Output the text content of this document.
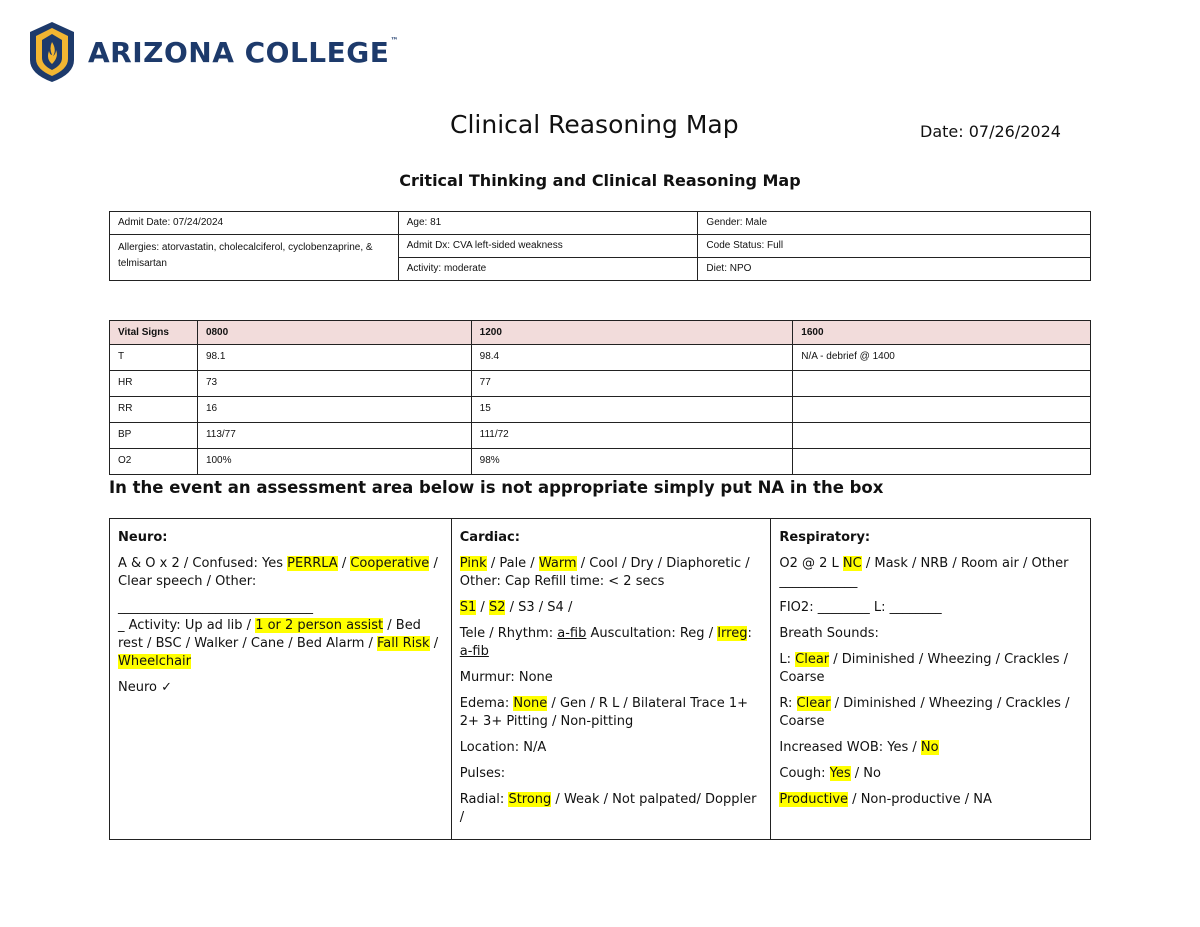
ARIZONA COLLEGE™
Clinical Reasoning Map	Date: 07/26/2024
Critical Thinking and Clinical Reasoning Map
Admit Date: 07/24/2024	Age: 81	Gender: Male
Allergies: atorvastatin, cholecalciferol, cyclobenzaprine, & telmisartan	Admit Dx: CVA left-sided weakness	Code Status: Full
	Activity: moderate	Diet: NPO
Vital Signs	0800	1200	1600
T	98.1	98.4	N/A - debrief @ 1400
HR	73	77	
RR	16	15	
BP	113/77	111/72	
O2	100%	98%	
In the event an assessment area below is not appropriate simply put NA in the box

Neuro:

A & O x 2 / Confused: Yes PERRLA / Cooperative / Clear speech / Other:

______________________________

_ Activity: Up ad lib / 1 or 2 person assist / Bed rest / BSC / Walker / Cane / Bed Alarm / Fall Risk / Wheelchair

Neuro ✓

Cardiac:

Pink / Pale / Warm / Cool / Dry / Diaphoretic / Other: Cap Refill time: < 2 secs

S1 / S2 / S3 / S4 /

Tele / Rhythm: a-fib Auscultation: Reg / Irreg: a-fib

Murmur: None

Edema: None / Gen / R L / Bilateral Trace 1+ 2+ 3+ Pitting / Non-pitting

Location: N/A

Pulses:

Radial: Strong / Weak / Not palpated/ Doppler /

Respiratory:

O2 @ 2 L NC / Mask / NRB / Room air / Other
____________

FIO2: ________ L: ________

Breath Sounds:

L: Clear / Diminished / Wheezing / Crackles / Coarse

R: Clear / Diminished / Wheezing / Crackles / Coarse

Increased WOB: Yes / No

Cough: Yes / No

Productive / Non-productive / NA
